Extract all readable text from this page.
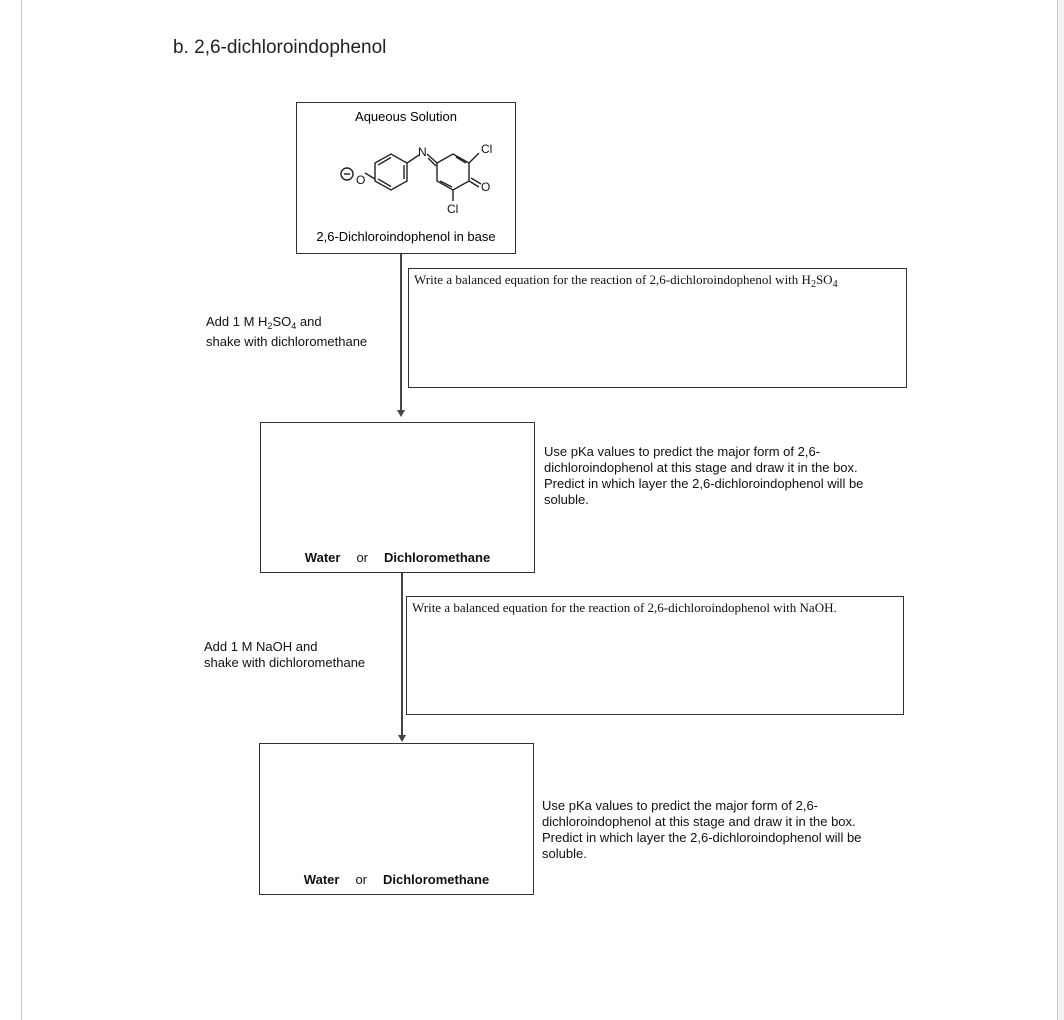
b. 2,6-dichloroindophenol
Aqueous Solution
O
N	Cl
O
Cl
2,6-Dichloroindophenol in base
Add 1 M $H_2SO_4$ and
shake with dichloromethane
Write a balanced equation for the reaction of 2,6-dichloroindophenol with $H_2SO_4$
Water or Dichloromethane
Use pKa values to predict the major form of 2,6-
dichloroindophenol at this stage and draw it in the box.
Predict in which layer the 2,6-dichloroindophenol will be
soluble.
Add 1 M NaOH and
shake with dichloromethane
Write a balanced equation for the reaction of 2,6-dichloroindophenol with NaOH.
Water or Dichloromethane
Use pKa values to predict the major form of 2,6-
dichloroindophenol at this stage and draw it in the box.
Predict in which layer the 2,6-dichloroindophenol will be
soluble.
